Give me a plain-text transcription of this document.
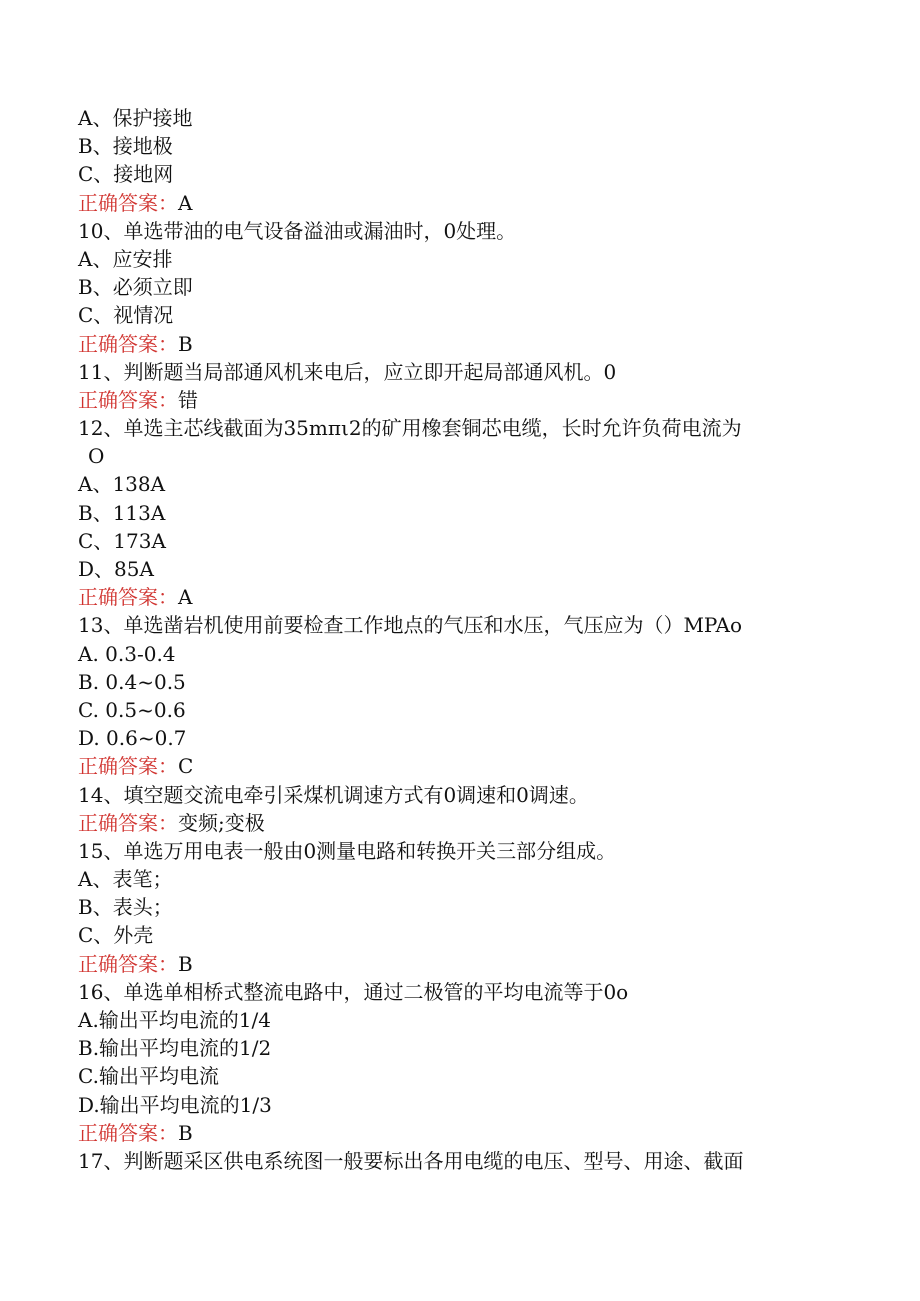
A、保护接地
B、接地极
C、接地网
正确答案：A
10、单选带油的电气设备溢油或漏油时，0处理。
A、应安排
B、必须立即
C、视情况
正确答案：B
11、判断题当局部通风机来电后，应立即开起局部通风机。0
正确答案：错
12、单选主芯线截面为35mπι2的矿用橡套铜芯电缆，长时允许负荷电流为
O
A、138A
B、113A
C、173A
D、85A
正确答案：A
13、单选凿岩机使用前要检查工作地点的气压和水压，气压应为（）MPAo
A. 0.3-0.4
B. 0.4~0.5
C. 0.5~0.6
D. 0.6~0.7
正确答案：C
14、填空题交流电牵引采煤机调速方式有0调速和0调速。
正确答案：变频;变极
15、单选万用电表一般由0测量电路和转换开关三部分组成。
A、表笔；
B、表头；
C、外壳
正确答案：B
16、单选单相桥式整流电路中，通过二极管的平均电流等于0o
A.输出平均电流的1/4
B.输出平均电流的1/2
C.输出平均电流
D.输出平均电流的1/3
正确答案：B
17、判断题采区供电系统图一般要标出各用电缆的电压、型号、用途、截面
